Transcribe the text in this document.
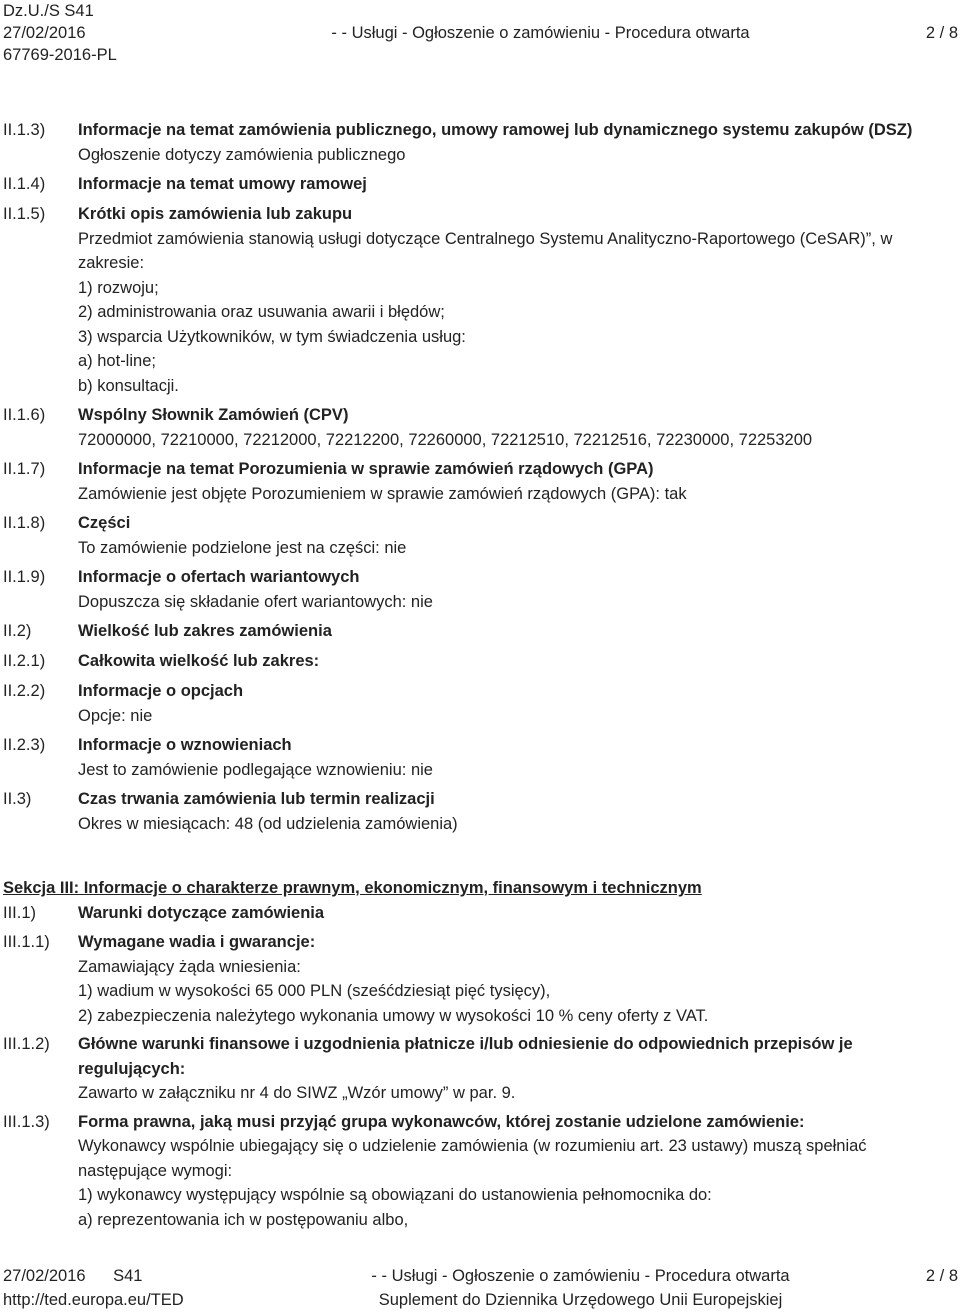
Dz.U./S S41
27/02/2016	- - Usługi - Ogłoszenie o zamówieniu - Procedura otwarta	2 / 8
67769-2016-PL
II.1.3)	Informacje na temat zamówienia publicznego, umowy ramowej lub dynamicznego systemu zakupów (DSZ)
Ogłoszenie dotyczy zamówienia publicznego
II.1.4)	Informacje na temat umowy ramowej
II.1.5)	Krótki opis zamówienia lub zakupu
Przedmiot zamówienia stanowią usługi dotyczące Centralnego Systemu Analityczno-Raportowego (CeSAR)”, w zakresie:
1) rozwoju;
2) administrowania oraz usuwania awarii i błędów;
3) wsparcia Użytkowników, w tym świadczenia usług:
a) hot-line;
b) konsultacji.
II.1.6)	Wspólny Słownik Zamówień (CPV)
72000000, 72210000, 72212000, 72212200, 72260000, 72212510, 72212516, 72230000, 72253200
II.1.7)	Informacje na temat Porozumienia w sprawie zamówień rządowych (GPA)
Zamówienie jest objęte Porozumieniem w sprawie zamówień rządowych (GPA): tak
II.1.8)	Części
To zamówienie podzielone jest na części: nie
II.1.9)	Informacje o ofertach wariantowych
Dopuszcza się składanie ofert wariantowych: nie
II.2)	Wielkość lub zakres zamówienia
II.2.1)	Całkowita wielkość lub zakres:
II.2.2)	Informacje o opcjach
Opcje: nie
II.2.3)	Informacje o wznowieniach
Jest to zamówienie podlegające wznowieniu: nie
II.3)	Czas trwania zamówienia lub termin realizacji
Okres w miesiącach: 48 (od udzielenia zamówienia)
Sekcja III: Informacje o charakterze prawnym, ekonomicznym, finansowym i technicznym
III.1)	Warunki dotyczące zamówienia
III.1.1)	Wymagane wadia i gwarancje:
Zamawiający żąda wniesienia:
1) wadium w wysokości 65 000 PLN (sześćdziesiąt pięć tysięcy),
2) zabezpieczenia należytego wykonania umowy w wysokości 10 % ceny oferty z VAT.
III.1.2)	Główne warunki finansowe i uzgodnienia płatnicze i/lub odniesienie do odpowiednich przepisów je regulujących:
Zawarto w załączniku nr 4 do SIWZ „Wzór umowy” w par. 9.
III.1.3)	Forma prawna, jaką musi przyjąć grupa wykonawców, której zostanie udzielone zamówienie:
Wykonawcy wspólnie ubiegający się o udzielenie zamówienia (w rozumieniu art. 23 ustawy) muszą spełniać następujące wymogi:
1) wykonawcy występujący wspólnie są obowiązani do ustanowienia pełnomocnika do:
a) reprezentowania ich w postępowaniu albo,
27/02/2016 S41	- - Usługi - Ogłoszenie o zamówieniu - Procedura otwarta	2 / 8
http://ted.europa.eu/TED	Suplement do Dziennika Urzędowego Unii Europejskiej
